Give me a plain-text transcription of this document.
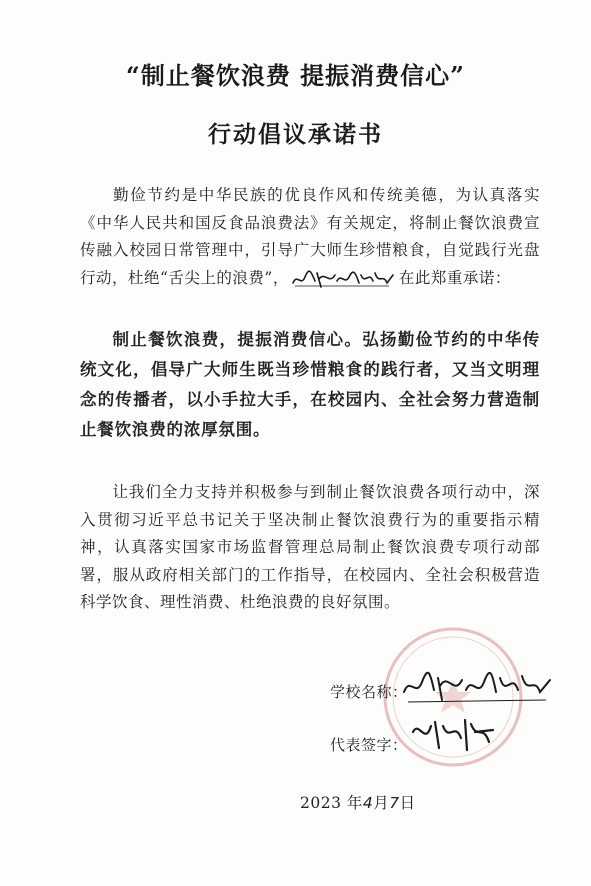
“制止餐饮浪费 提振消费信心”
行动倡议承诺书
勤俭节约是中华民族的优良作风和传统美德，为认真落实《中华人民共和国反食品浪费法》有关规定，将制止餐饮浪费宣传融入校园日常管理中，引导广大师生珍惜粮食，自觉践行光盘行动，杜绝“舌尖上的浪费”，	在此郑重承诺：
制止餐饮浪费，提振消费信心。弘扬勤俭节约的中华传统文化，倡导广大师生既当珍惜粮食的践行者，又当文明理念的传播者，以小手拉大手，在校园内、全社会努力营造制止餐饮浪费的浓厚氛围。
让我们全力支持并积极参与到制止餐饮浪费各项行动中，深入贯彻习近平总书记关于坚决制止餐饮浪费行为的重要指示精神，认真落实国家市场监督管理总局制止餐饮浪费专项行动部署，服从政府相关部门的工作指导，在校园内、全社会积极营造科学饮食、理性消费、杜绝浪费的良好氛围。
学校名称：
代表签字：
2023 年4月7日
